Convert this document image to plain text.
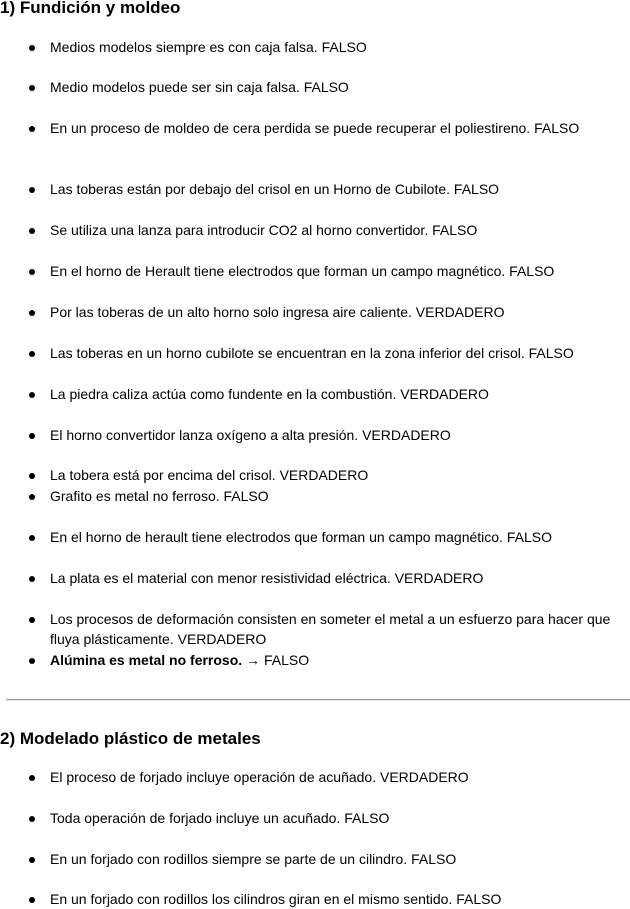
1) Fundición y moldeo
Medios modelos siempre es con caja falsa. FALSO
Medio modelos puede ser sin caja falsa. FALSO
En un proceso de moldeo de cera perdida se puede recuperar el poliestireno. FALSO
Las toberas están por debajo del crisol en un Horno de Cubilote. FALSO
Se utiliza una lanza para introducir CO2 al horno convertidor. FALSO
En el horno de Herault tiene electrodos que forman un campo magnético. FALSO
Por las toberas de un alto horno solo ingresa aire caliente. VERDADERO
Las toberas en un horno cubilote se encuentran en la zona inferior del crisol. FALSO
La piedra caliza actúa como fundente en la combustión. VERDADERO
El horno convertidor lanza oxígeno a alta presión. VERDADERO
La tobera está por encima del crisol. VERDADERO
Grafito es metal no ferroso. FALSO
En el horno de herault tiene electrodos que forman un campo magnético. FALSO
La plata es el material con menor resistividad eléctrica. VERDADERO
Los procesos de deformación consisten en someter el metal a un esfuerzo para hacer que fluya plásticamente. VERDADERO
Alúmina es metal no ferroso. → FALSO
2) Modelado plástico de metales
El proceso de forjado incluye operación de acuñado. VERDADERO
Toda operación de forjado incluye un acuñado. FALSO
En un forjado con rodillos siempre se parte de un cilindro. FALSO
En un forjado con rodillos los cilindros giran en el mismo sentido. FALSO
